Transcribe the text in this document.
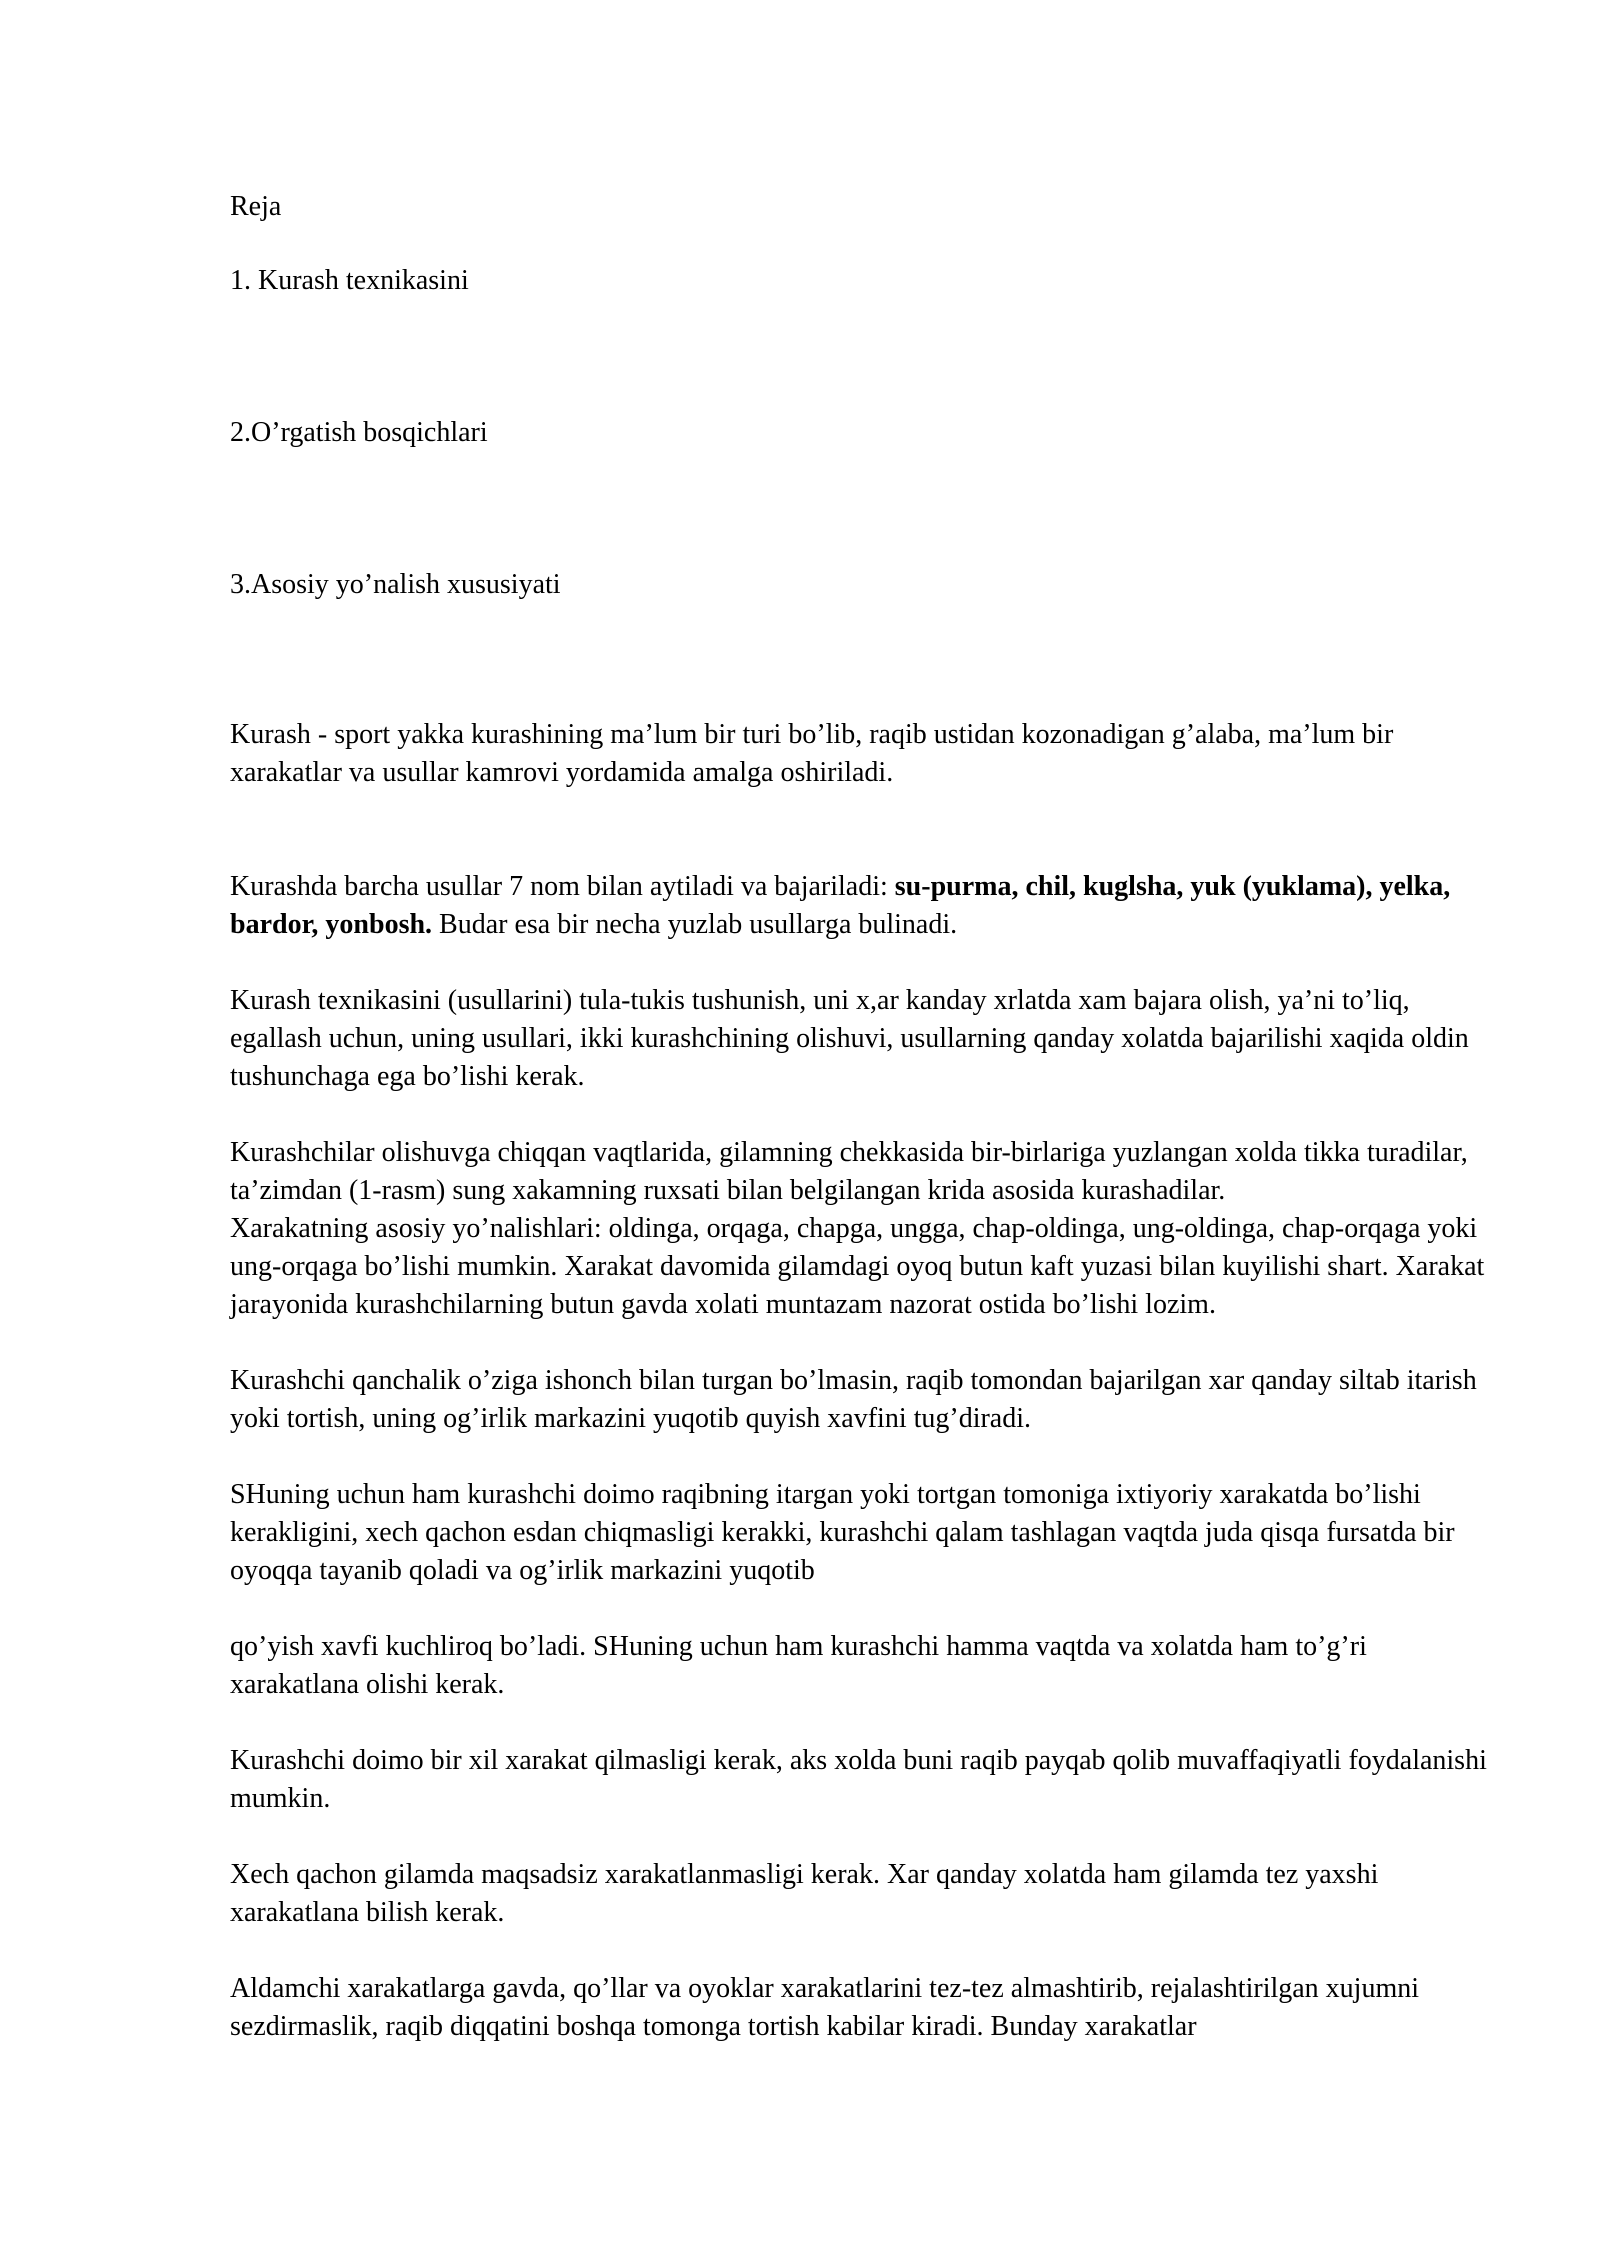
Reja

1. Kurash texnikasini

2.O’rgatish bosqichlari

3.Asosiy yo’nalish xususiyati

Kurash - sport yakka kurashining ma’lum bir turi bo’lib, raqib ustidan kozonadigan g’alaba, ma’lum bir xarakatlar va usullar kamrovi yordamida amalga oshiriladi.

Kurashda barcha usullar 7 nom bilan aytiladi va bajariladi: su-purma, chil, kuglsha, yuk (yuklama), yelka, bardor, yonbosh. Budar esa bir necha yuzlab usullarga bulinadi.

Kurash texnikasini (usullarini) tula-tukis tushunish, uni x,ar kanday xrlatda xam bajara olish, ya’ni to’liq, egallash uchun, uning usullari, ikki kurashchining olishuvi, usullarning qanday xolatda bajarilishi xaqida oldin tushunchaga ega bo’lishi kerak.

Kurashchilar olishuvga chiqqan vaqtlarida, gilamning chekkasida bir-birlariga yuzlangan xolda tikka turadilar, ta’zimdan (1-rasm) sung xakamning ruxsati bilan belgilangan krida asosida kurashadilar.

Xarakatning asosiy yo’nalishlari: oldinga, orqaga, chapga, ungga, chap-oldinga, ung-oldinga, chap-orqaga yoki ung-orqaga bo’lishi mumkin. Xarakat davomida gilamdagi oyoq butun kaft yuzasi bilan kuyilishi shart. Xarakat jarayonida kurashchilarning butun gavda xolati muntazam nazorat ostida bo’lishi lozim.

Kurashchi qanchalik o’ziga ishonch bilan turgan bo’lmasin, raqib tomondan bajarilgan xar qanday siltab itarish yoki tortish, uning og’irlik markazini yuqotib quyish xavfini tug’diradi.

SHuning uchun ham kurashchi doimo raqibning itargan yoki tortgan tomoniga ixtiyoriy xarakatda bo’lishi kerakligini, xech qachon esdan chiqmasligi kerakki, kurashchi qalam tashlagan vaqtda juda qisqa fursatda bir oyoqqa tayanib qoladi va og’irlik markazini yuqotib

qo’yish xavfi kuchliroq bo’ladi. SHuning uchun ham kurashchi hamma vaqtda va xolatda ham to’g’ri xarakatlana olishi kerak.

Kurashchi doimo bir xil xarakat qilmasligi kerak, aks xolda buni raqib payqab qolib muvaffaqiyatli foydalanishi mumkin.

Xech qachon gilamda maqsadsiz xarakatlanmasligi kerak. Xar qanday xolatda ham gilamda tez yaxshi xarakatlana bilish kerak.

Aldamchi xarakatlarga gavda, qo’llar va oyoklar xarakatlarini tez-tez almashtirib, rejalashtirilgan xujumni sezdirmaslik, raqib diqqatini boshqa tomonga tortish kabilar kiradi. Bunday xarakatlar
